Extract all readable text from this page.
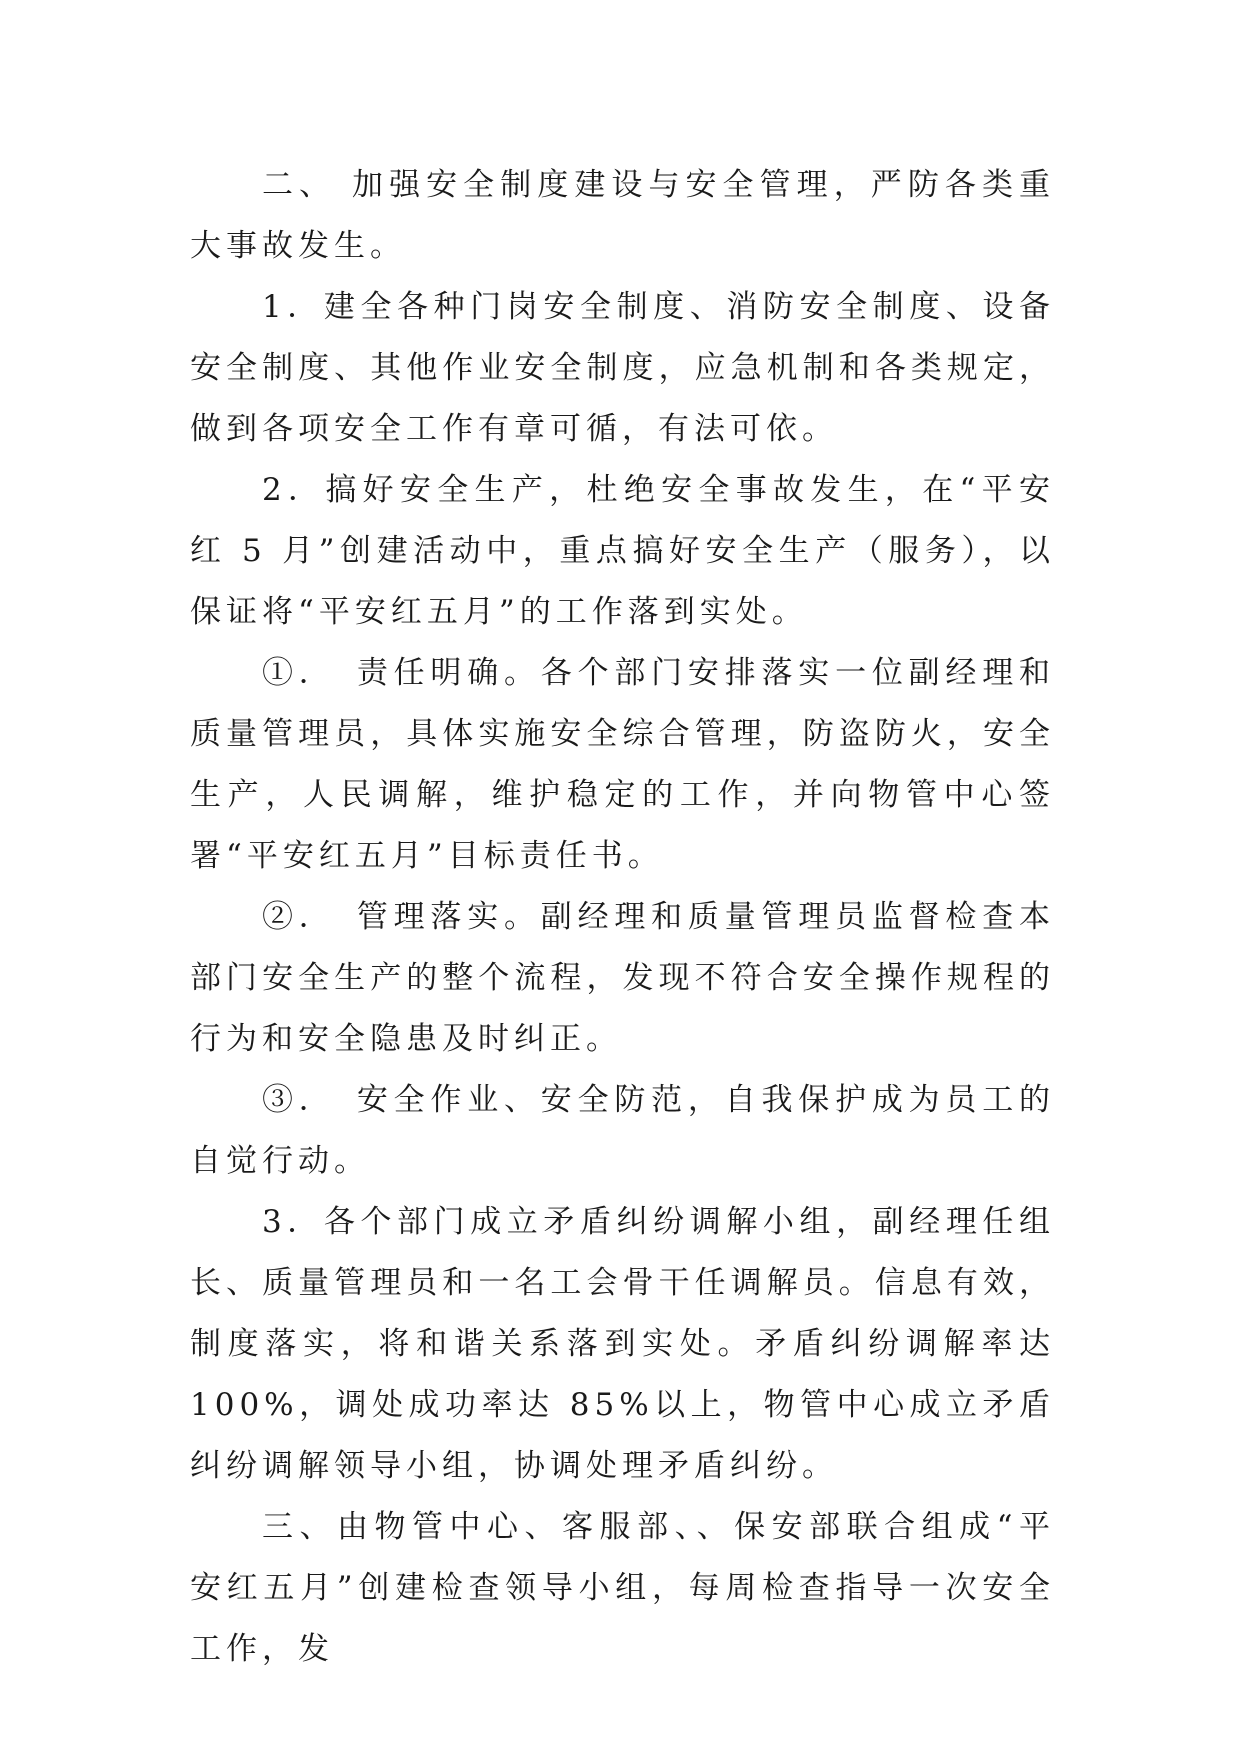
二、 加强安全制度建设与安全管理，严防各类重大事故发生。

1．建全各种门岗安全制度、消防安全制度、设备安全制度、其他作业安全制度，应急机制和各类规定，做到各项安全工作有章可循，有法可依。

2．搞好安全生产，杜绝安全事故发生，在“平安红 5 月”创建活动中，重点搞好安全生产（服务），以保证将“平安红五月”的工作落到实处。

①．　责任明确。各个部门安排落实一位副经理和质量管理员，具体实施安全综合管理，防盗防火，安全生产，人民调解，维护稳定的工作，并向物管中心签署“平安红五月”目标责任书。

②．　管理落实。副经理和质量管理员监督检查本部门安全生产的整个流程，发现不符合安全操作规程的行为和安全隐患及时纠正。

③．　安全作业、安全防范，自我保护成为员工的自觉行动。

3．各个部门成立矛盾纠纷调解小组，副经理任组长、质量管理员和一名工会骨干任调解员。信息有效，制度落实，将和谐关系落到实处。矛盾纠纷调解率达 100%，调处成功率达 85%以上，物管中心成立矛盾纠纷调解领导小组，协调处理矛盾纠纷。

三、由物管中心、客服部、、保安部联合组成“平安红五月”创建检查领导小组，每周检查指导一次安全工作，发
